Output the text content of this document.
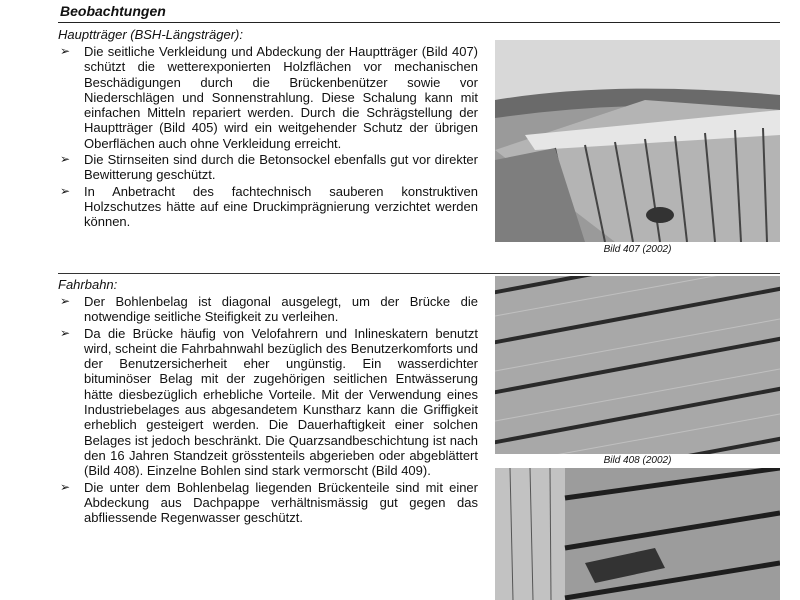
Beobachtungen
Hauptträger (BSH-Längsträger):
➢ Die seitliche Verkleidung und Abdeckung der Hauptträger (Bild 407) schützt die wetterexponierten Holzflächen vor mechanischen Beschädigungen durch die Brückenbenützer sowie vor Niederschlägen und Sonnenstrahlung. Diese Schalung kann mit einfachen Mitteln repariert werden. Durch die Schrägstellung der Hauptträger (Bild 405) wird ein weitgehender Schutz der übrigen Oberflächen auch ohne Verkleidung erreicht.
➢ Die Stirnseiten sind durch die Betonsockel ebenfalls gut vor direkter Bewitterung geschützt.
➢ In Anbetracht des fachtechnisch sauberen konstruktiven Holzschutzes hätte auf eine Druckimprägnierung verzichtet werden können.
Bild 407 (2002)
Fahrbahn:
➢ Der Bohlenbelag ist diagonal ausgelegt, um der Brücke die notwendige seitliche Steifigkeit zu verleihen.
➢ Da die Brücke häufig von Velofahrern und Inlineskatern benutzt wird, scheint die Fahrbahnwahl bezüglich des Benutzerkomforts und der Benutzersicherheit eher ungünstig. Ein wasserdichter bituminöser Belag mit der zugehörigen seitlichen Entwässerung hätte diesbezüglich erhebliche Vorteile. Mit der Verwendung eines Industriebelages aus abgesandetem Kunstharz kann die Griffigkeit erheblich gesteigert werden. Die Dauerhaftigkeit einer solchen Belages ist jedoch beschränkt. Die Quarzsandbeschichtung ist nach den 16 Jahren Standzeit grösstenteils abgerieben oder abgeblättert (Bild 408). Einzelne Bohlen sind stark vermorscht (Bild 409).
➢ Die unter dem Bohlenbelag liegenden Brückenteile sind mit einer Abdeckung aus Dachpappe verhältnismässig gut gegen das abfliessende Regenwasser geschützt.
Bild 408 (2002)
